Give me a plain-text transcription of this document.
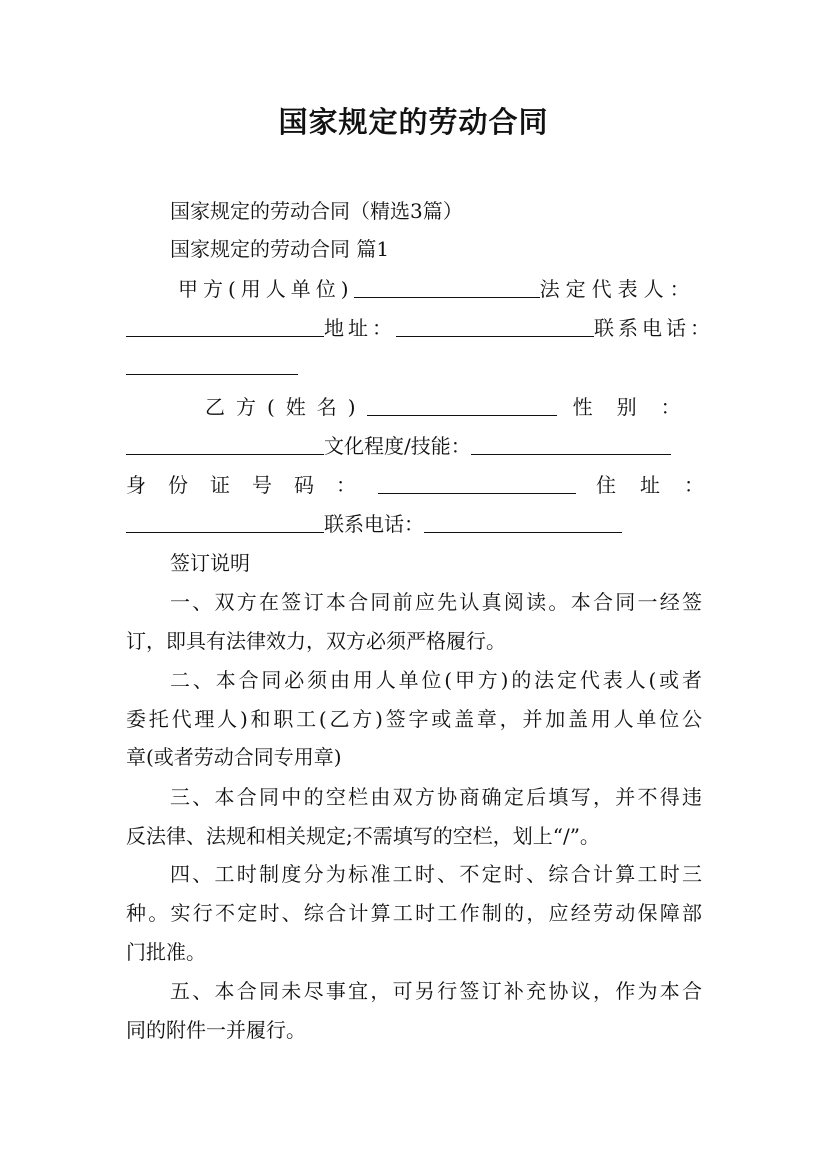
国家规定的劳动合同
国家规定的劳动合同（精选3篇）
国家规定的劳动合同 篇1
甲方(用人单位)	法定代表人：
地址：	联系电话：
乙方(姓名)	性别：
文化程度/技能：
身份证号码：	住址：
联系电话：
签订说明
一、双方在签订本合同前应先认真阅读。本合同一经签
订，即具有法律效力，双方必须严格履行。
二、本合同必须由用人单位(甲方)的法定代表人(或者
委托代理人)和职工(乙方)签字或盖章，并加盖用人单位公
章(或者劳动合同专用章)
三、本合同中的空栏由双方协商确定后填写，并不得违
反法律、法规和相关规定;不需填写的空栏，划上“/”。
四、工时制度分为标准工时、不定时、综合计算工时三
种。实行不定时、综合计算工时工作制的，应经劳动保障部
门批准。
五、本合同未尽事宜，可另行签订补充协议，作为本合
同的附件一并履行。
